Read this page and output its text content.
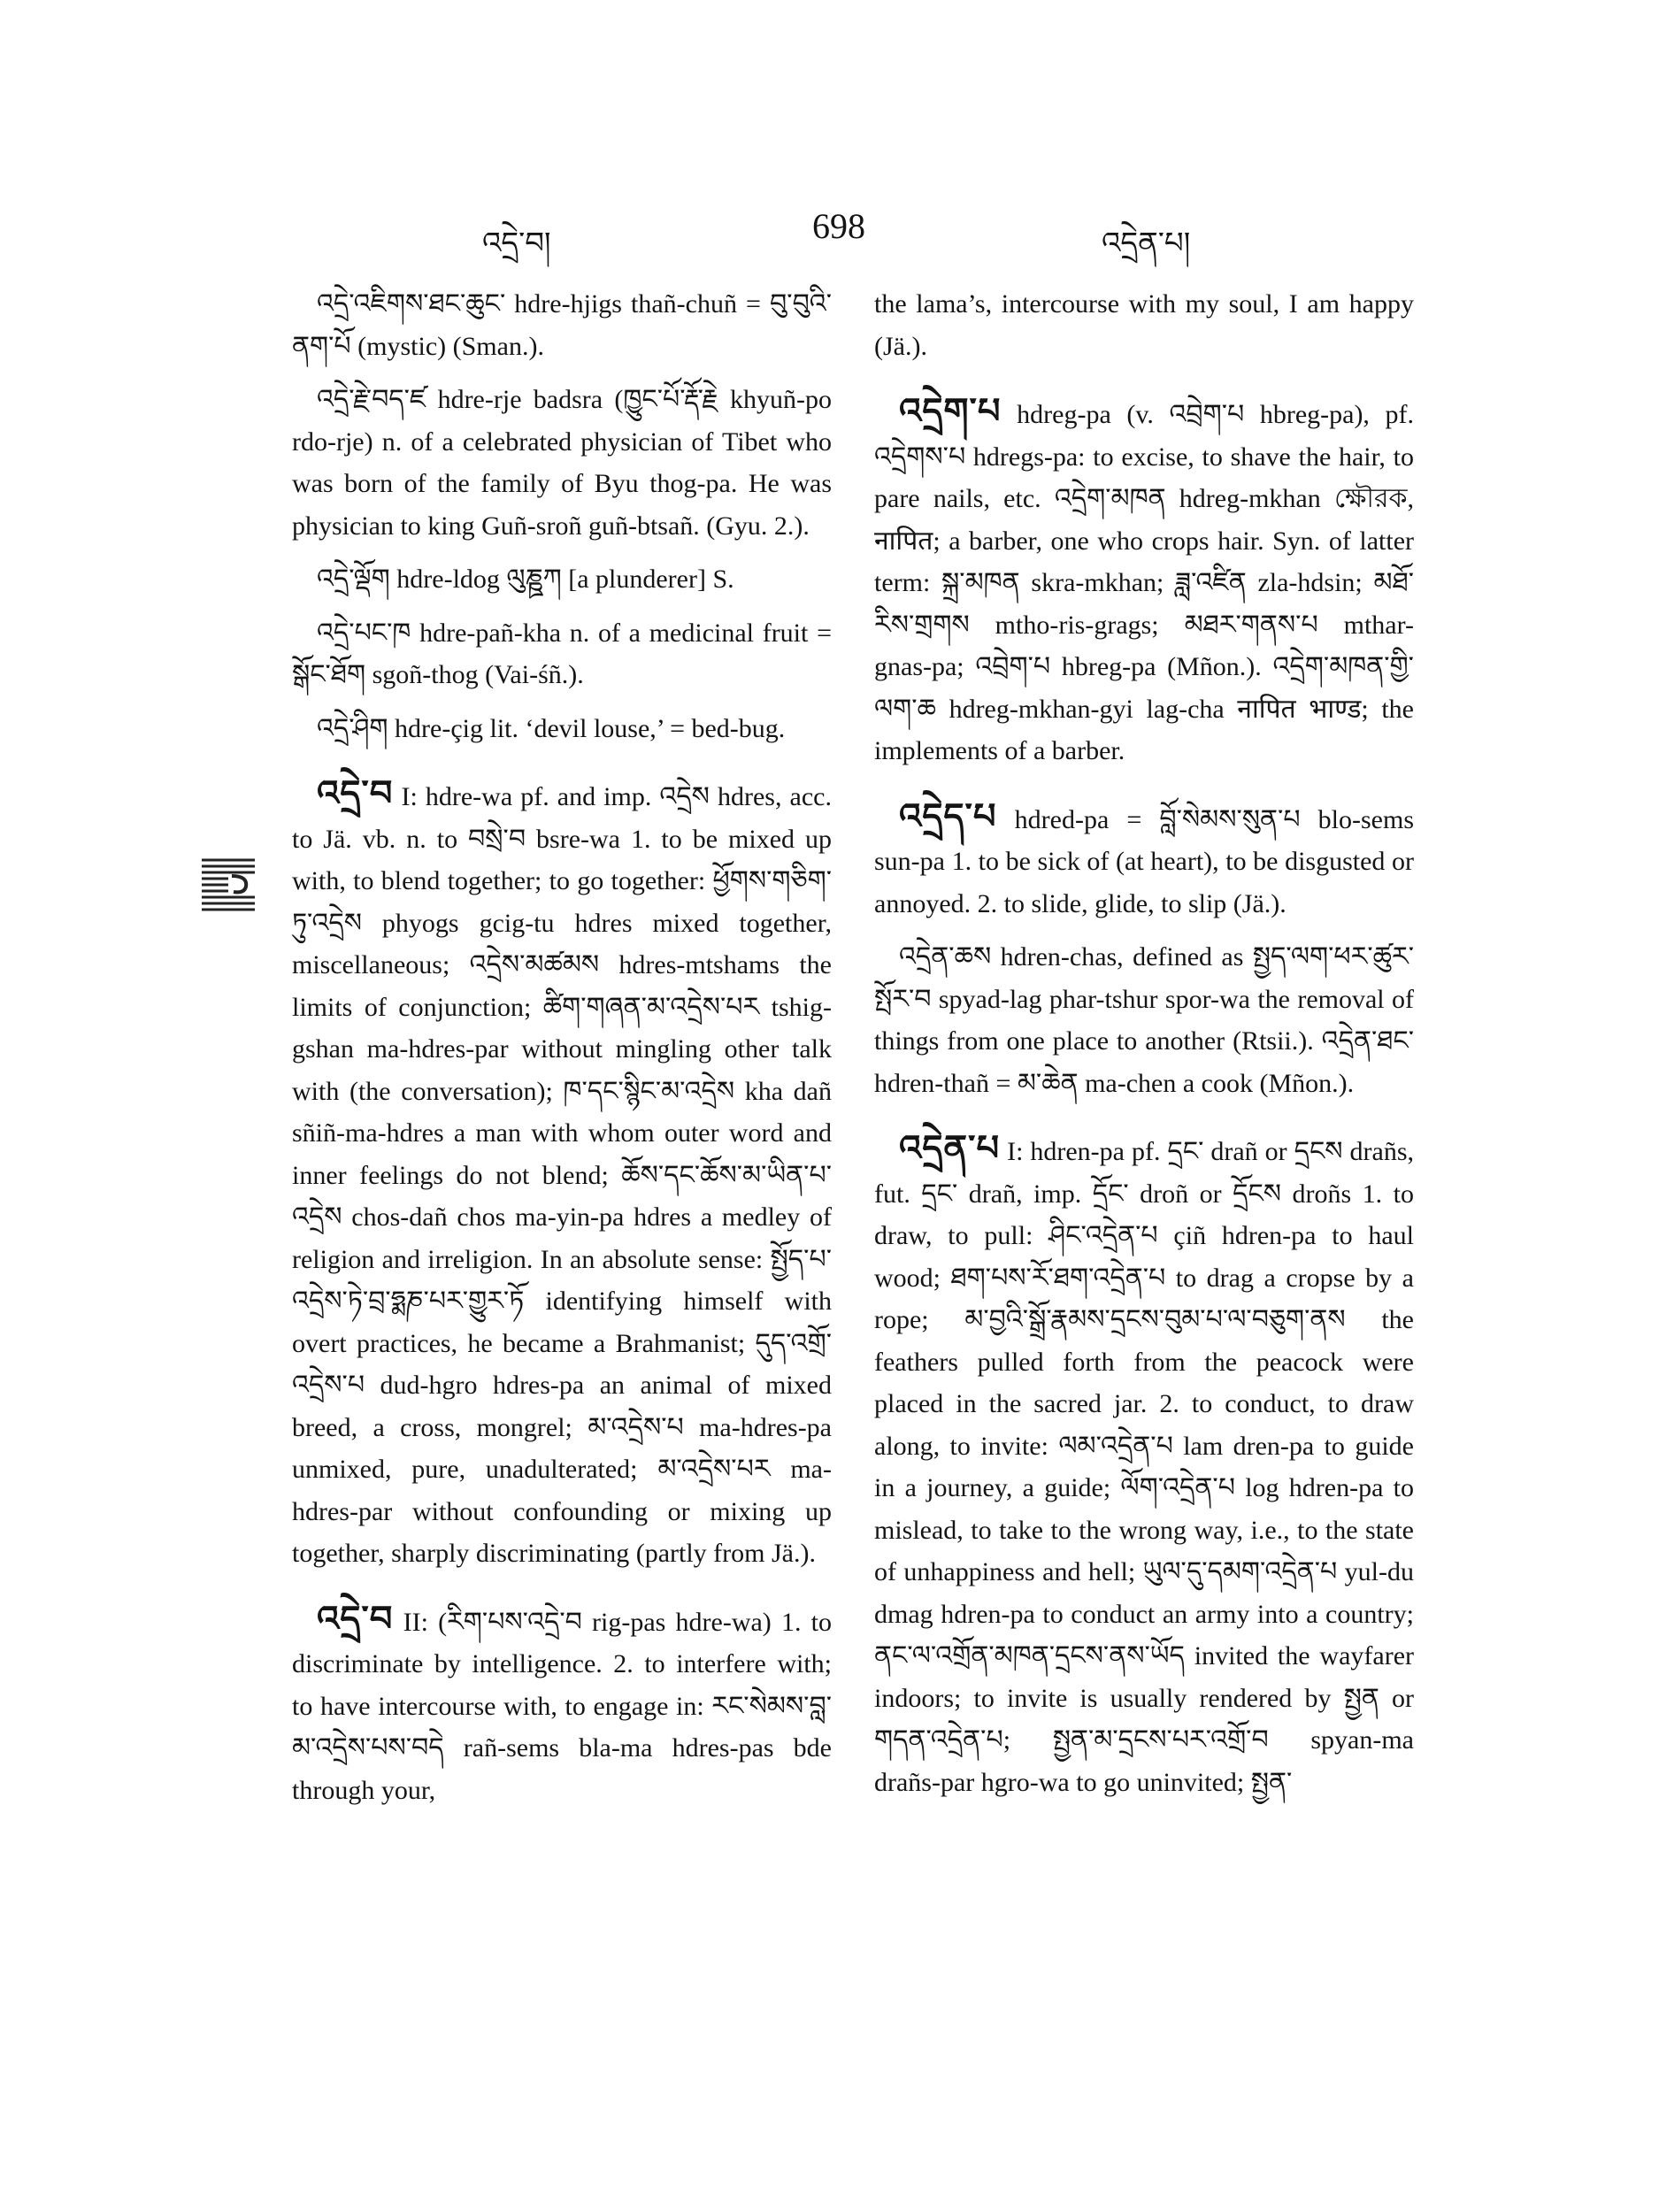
འདྲེ་བ།	698	འདྲེན་པ།

འདྲེ་འཇིགས་ཐང་ཆུང་ hdre-hjigs thañ-chuñ = བུ་བུའི་ནག་པོ (mystic) (Sman.).

འདྲེ་རྗེ་བད་ཛ hdre-rje badsra (ཁྱུང་པོ་རྡོ་རྗེ khyuñ-po rdo-rje) n. of a celebrated physician of Tibet who was born of the family of Byu thog-pa. He was physician to king Guñ-sroñ guñ-btsañ. (Gyu. 2.).

འདྲེ་ལྡོག hdre-ldog ལུཎྛཀ [a plunderer] S.

འདྲེ་པང་ཁ hdre-pañ-kha n. of a medicinal fruit = སྒོང་ཐོག sgoñ-thog (Vai-śñ.).

འདྲེ་ཤིག hdre-çig lit. ‘devil louse,’ = bed-bug.

འདྲེ་བ I: hdre-wa pf. and imp. འདྲེས hdres, acc. to Jä. vb. n. to བསྲེ་བ bsre-wa 1. to be mixed up with, to blend together; to go together: ཕྱོགས་གཅིག་ཏུ་འདྲེས phyogs gcig-tu hdres mixed together, miscellaneous; འདྲེས་མཚམས hdres-mtshams the limits of conjunction; ཚིག་གཞན་མ་འདྲེས་པར tshig-gshan ma-hdres-par without mingling other talk with (the conversation); ཁ་དང་སྙིང་མ་འདྲེས kha dañ sñiñ-ma-hdres a man with whom outer word and inner feelings do not blend; ཆོས་དང་ཆོས་མ་ཡིན་པ་འདྲེས chos-dañ chos ma-yin-pa hdres a medley of religion and irreligion. In an absolute sense: སྤྱོད་པ་འདྲེས་ཏེ་བྲ་ཧྨཎ་པར་གྱུར་ཏོ identifying himself with overt practices, he became a Brahmanist; དུད་འགྲོ་འདྲེས་པ dud-hgro hdres-pa an animal of mixed breed, a cross, mongrel; མ་འདྲེས་པ ma-hdres-pa unmixed, pure, unadulterated; མ་འདྲེས་པར ma-hdres-par without confounding or mixing up together, sharply discriminating (partly from Jä.).

འདྲེ་བ II: (རིག་པས་འདྲེ་བ rig-pas hdre-wa) 1. to discriminate by intelligence. 2. to interfere with; to have intercourse with, to engage in: རང་སེམས་བླ་མ་འདྲེས་པས་བདེ rañ-sems bla-ma hdres-pas bde through your,

the lama’s, intercourse with my soul, I am happy (Jä.).

འདྲེག་པ hdreg-pa (v. འབྲེག་པ hbreg-pa), pf. འདྲེགས་པ hdregs-pa: to excise, to shave the hair, to pare nails, etc. འདྲེག་མཁན hdreg-mkhan ক্ষৌরক, नापित; a barber, one who crops hair. Syn. of latter term: སྐྲ་མཁན skra-mkhan; ཟླ་འཛིན zla-hdsin; མཐོ་རིས་གྲགས mtho-ris-grags; མཐར་གནས་པ mthar-gnas-pa; འབྲེག་པ hbreg-pa (Mñon.). འདྲེག་མཁན་གྱི་ལག་ཆ hdreg-mkhan-gyi lag-cha नापित भाण्ड; the implements of a barber.

འདྲེད་པ hdred-pa = བློ་སེམས་སུན་པ blo-sems sun-pa 1. to be sick of (at heart), to be disgusted or annoyed. 2. to slide, glide, to slip (Jä.).

འདྲེན་ཆས hdren-chas, defined as སྤྱད་ལག་ཕར་ཚུར་སྤོར་བ spyad-lag phar-tshur spor-wa the removal of things from one place to another (Rtsii.). འདྲེན་ཐང་ hdren-thañ = མ་ཆེན ma-chen a cook (Mñon.).

འདྲེན་པ I: hdren-pa pf. དྲང་ drañ or དྲངས drañs, fut. དྲང་ drañ, imp. དྲོང་ droñ or དྲོངས droñs 1. to draw, to pull: ཤིང་འདྲེན་པ çiñ hdren-pa to haul wood; ཐག་པས་རོ་ཐག་འདྲེན་པ to drag a cropse by a rope; མ་བྱའི་སྒྲོ་རྣམས་དྲངས་བུམ་པ་ལ་བཅུག་ནས the feathers pulled forth from the peacock were placed in the sacred jar. 2. to conduct, to draw along, to invite: ལམ་འདྲེན་པ lam dren-pa to guide in a journey, a guide; ལོག་འདྲེན་པ log hdren-pa to mislead, to take to the wrong way, i.e., to the state of unhappiness and hell; ཡུལ་དུ་དམག་འདྲེན་པ yul-du dmag hdren-pa to conduct an army into a country; ནང་ལ་འགྲོན་མཁན་དྲངས་ནས་ཡོད invited the wayfarer indoors; to invite is usually rendered by སྤྱན or གདན་འདྲེན་པ; སྤྱན་མ་དྲངས་པར་འགྲོ་བ spyan-ma drañs-par hgro-wa to go uninvited; སྤྱན་
